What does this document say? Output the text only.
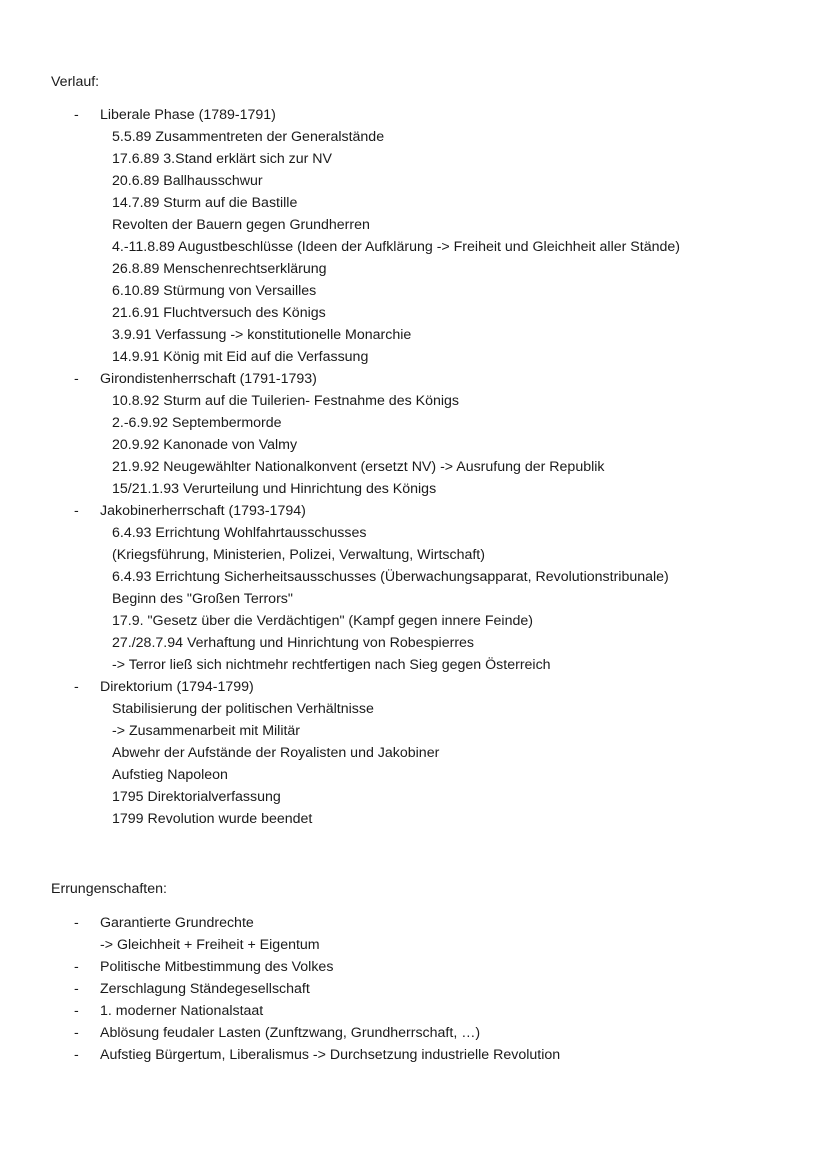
Verlauf:
-	Liberale Phase (1789-1791)
5.5.89 Zusammentreten der Generalstände
17.6.89 3.Stand erklärt sich zur NV
20.6.89 Ballhausschwur
14.7.89 Sturm auf die Bastille
Revolten der Bauern gegen Grundherren
4.-11.8.89 Augustbeschlüsse (Ideen der Aufklärung -> Freiheit und Gleichheit aller Stände)
26.8.89 Menschenrechtserklärung
6.10.89 Stürmung von Versailles
21.6.91 Fluchtversuch des Königs
3.9.91 Verfassung -> konstitutionelle Monarchie
14.9.91 König mit Eid auf die Verfassung
-	Girondistenherrschaft (1791-1793)
10.8.92 Sturm auf die Tuilerien- Festnahme des Königs
2.-6.9.92 Septembermorde
20.9.92 Kanonade von Valmy
21.9.92 Neugewählter Nationalkonvent (ersetzt NV) -> Ausrufung der Republik
15/21.1.93 Verurteilung und Hinrichtung des Königs
-	Jakobinerherrschaft (1793-1794)
6.4.93 Errichtung Wohlfahrtausschusses
(Kriegsführung, Ministerien, Polizei, Verwaltung, Wirtschaft)
6.4.93 Errichtung Sicherheitsausschusses (Überwachungsapparat, Revolutionstribunale)
Beginn des "Großen Terrors"
17.9. "Gesetz über die Verdächtigen" (Kampf gegen innere Feinde)
27./28.7.94 Verhaftung und Hinrichtung von Robespierres
-> Terror ließ sich nichtmehr rechtfertigen nach Sieg gegen Österreich
-	Direktorium (1794-1799)
Stabilisierung der politischen Verhältnisse
-> Zusammenarbeit mit Militär
Abwehr der Aufstände der Royalisten und Jakobiner
Aufstieg Napoleon
1795 Direktorialverfassung
1799 Revolution wurde beendet
Errungenschaften:
-	Garantierte Grundrechte
-> Gleichheit + Freiheit + Eigentum
-	Politische Mitbestimmung des Volkes
-	Zerschlagung Ständegesellschaft
-	1. moderner Nationalstaat
-	Ablösung feudaler Lasten (Zunftzwang, Grundherrschaft, …)
-	Aufstieg Bürgertum, Liberalismus -> Durchsetzung industrielle Revolution
